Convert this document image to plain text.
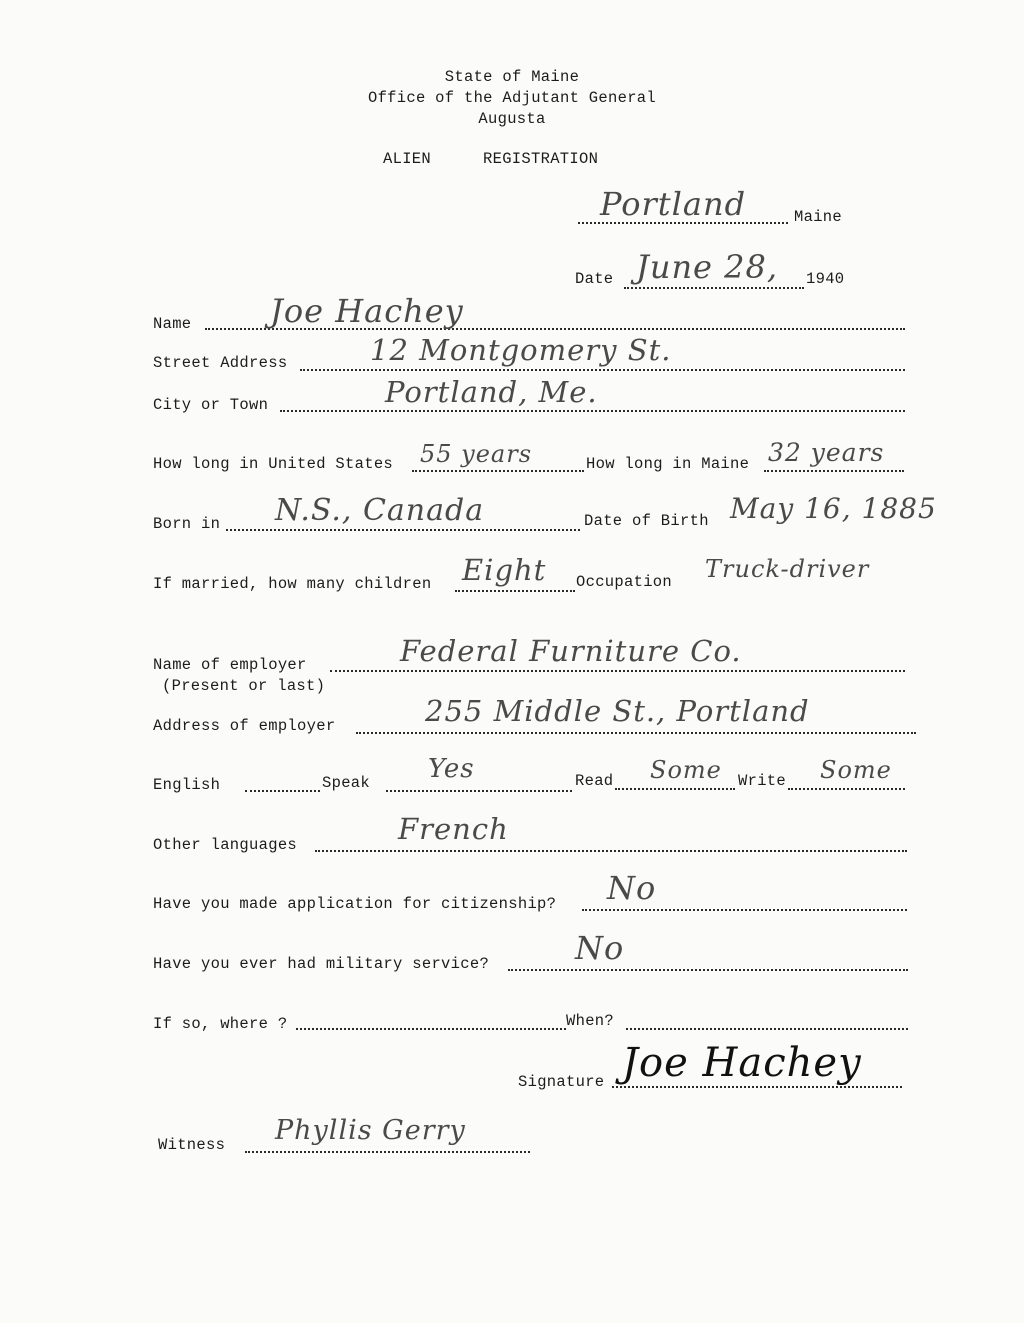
State of Maine
Office of the Adjutant General
Augusta
ALIEN	REGISTRATION
Portland	Maine
Date June 28, 1940
Name Joe Hachey
Street Address	12 Montgomery St.
City or Town	Portland, Me.
How long in United States 55 years	How long in Maine 32 years
Born in N.S., Canada	Date of Birth May 16, 1885
If married, how many children Eight Occupation Truck-driver
Name of employer
(Present or last)
Federal Furniture Co.
Address of employer	255 Middle St., Portland
English	Speak Yes	Read Some Write Some
Other languages	French
Have you made application for citizenship? No
Have you ever had military service?	No
If so, where ?	When?
Signature Joe Hachey
Witness Phyllis Gerry
